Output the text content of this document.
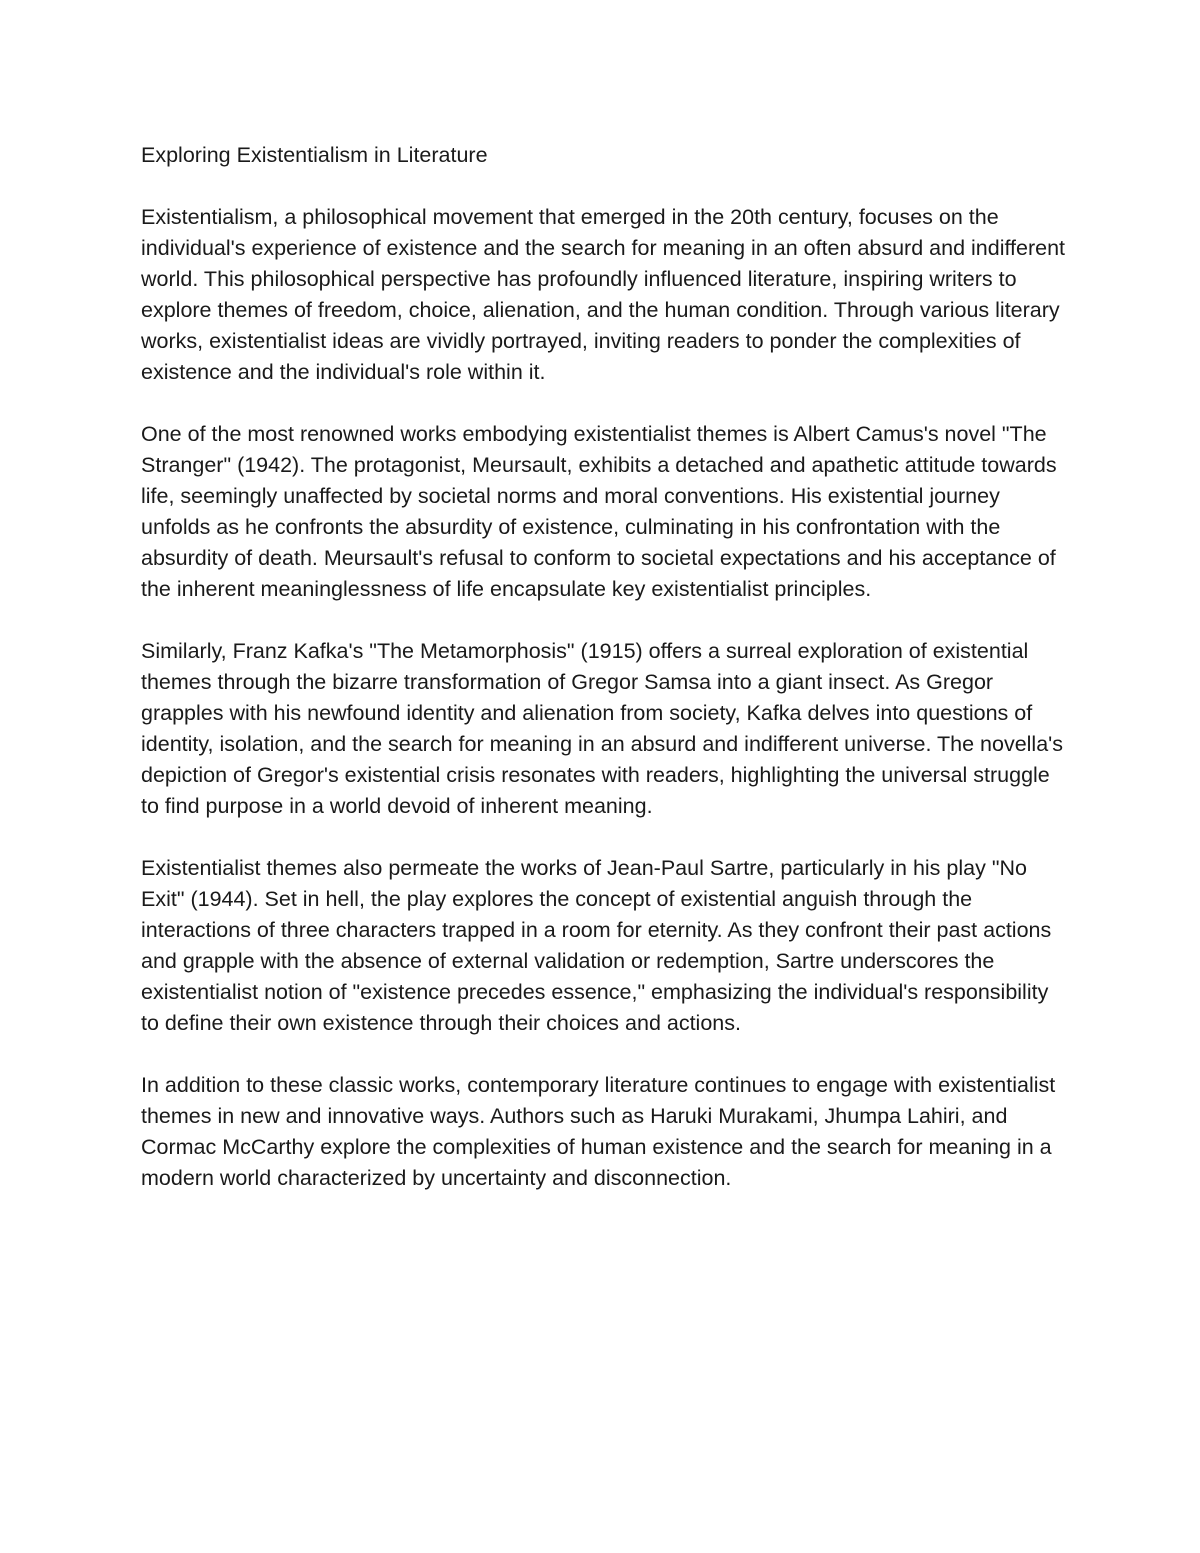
Exploring Existentialism in Literature

Existentialism, a philosophical movement that emerged in the 20th century, focuses on the individual's experience of existence and the search for meaning in an often absurd and indifferent world. This philosophical perspective has profoundly influenced literature, inspiring writers to explore themes of freedom, choice, alienation, and the human condition. Through various literary works, existentialist ideas are vividly portrayed, inviting readers to ponder the complexities of existence and the individual's role within it.

One of the most renowned works embodying existentialist themes is Albert Camus's novel "The Stranger" (1942). The protagonist, Meursault, exhibits a detached and apathetic attitude towards life, seemingly unaffected by societal norms and moral conventions. His existential journey unfolds as he confronts the absurdity of existence, culminating in his confrontation with the absurdity of death. Meursault's refusal to conform to societal expectations and his acceptance of the inherent meaninglessness of life encapsulate key existentialist principles.

Similarly, Franz Kafka's "The Metamorphosis" (1915) offers a surreal exploration of existential themes through the bizarre transformation of Gregor Samsa into a giant insect. As Gregor grapples with his newfound identity and alienation from society, Kafka delves into questions of identity, isolation, and the search for meaning in an absurd and indifferent universe. The novella's depiction of Gregor's existential crisis resonates with readers, highlighting the universal struggle to find purpose in a world devoid of inherent meaning.

Existentialist themes also permeate the works of Jean-Paul Sartre, particularly in his play "No Exit" (1944). Set in hell, the play explores the concept of existential anguish through the interactions of three characters trapped in a room for eternity. As they confront their past actions and grapple with the absence of external validation or redemption, Sartre underscores the existentialist notion of "existence precedes essence," emphasizing the individual's responsibility to define their own existence through their choices and actions.

In addition to these classic works, contemporary literature continues to engage with existentialist themes in new and innovative ways. Authors such as Haruki Murakami, Jhumpa Lahiri, and Cormac McCarthy explore the complexities of human existence and the search for meaning in a modern world characterized by uncertainty and disconnection.
